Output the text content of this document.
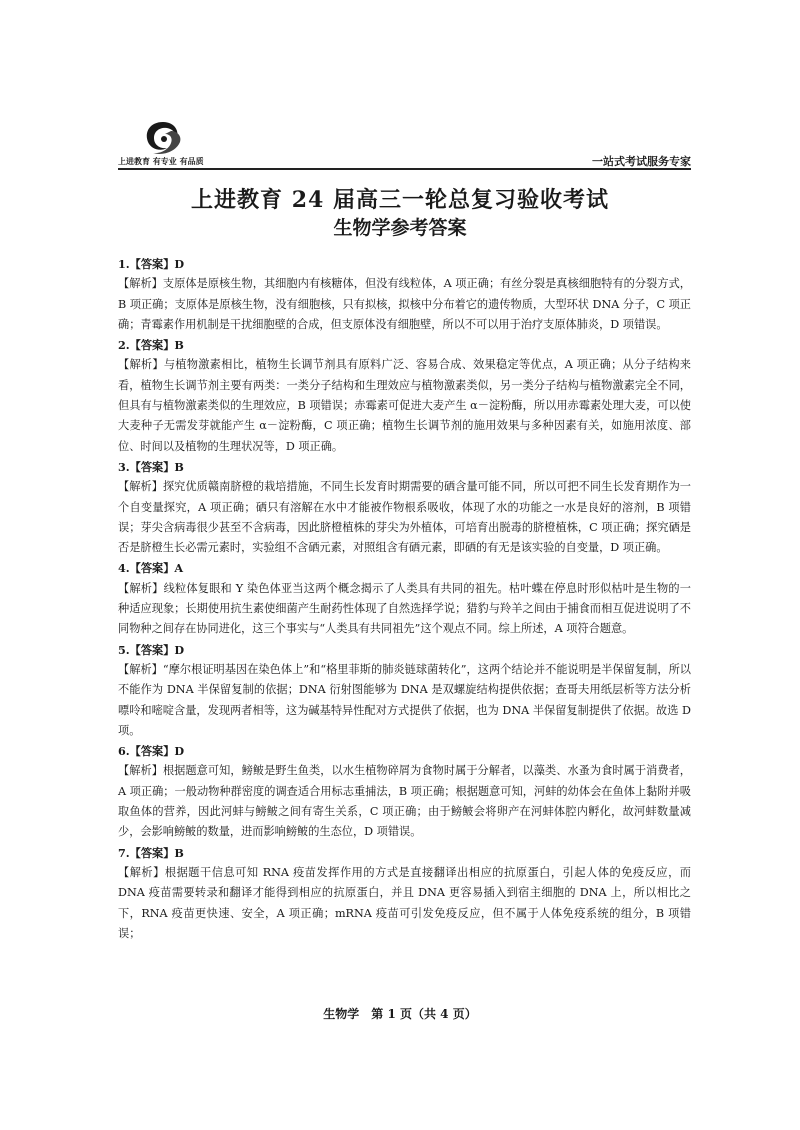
上进教育 有专业 有品质	一站式考试服务专家
上进教育 24 届高三一轮总复习验收考试
生物学参考答案

1.【答案】D

【解析】支原体是原核生物，其细胞内有核糖体，但没有线粒体，A 项正确；有丝分裂是真核细胞特有的分裂方式，B 项正确；支原体是原核生物，没有细胞核，只有拟核，拟核中分布着它的遗传物质，大型环状 DNA 分子，C 项正确；青霉素作用机制是干扰细胞壁的合成，但支原体没有细胞壁，所以不可以用于治疗支原体肺炎，D 项错误。

2.【答案】B

【解析】与植物激素相比，植物生长调节剂具有原料广泛、容易合成、效果稳定等优点，A 项正确；从分子结构来看，植物生长调节剂主要有两类：一类分子结构和生理效应与植物激素类似，另一类分子结构与植物激素完全不同，但具有与植物激素类似的生理效应，B 项错误；赤霉素可促进大麦产生 α－淀粉酶，所以用赤霉素处理大麦，可以使大麦种子无需发芽就能产生 α－淀粉酶，C 项正确；植物生长调节剂的施用效果与多种因素有关，如施用浓度、部位、时间以及植物的生理状况等，D 项正确。

3.【答案】B

【解析】探究优质赣南脐橙的栽培措施，不同生长发育时期需要的硒含量可能不同，所以可把不同生长发育期作为一个自变量探究，A 项正确；硒只有溶解在水中才能被作物根系吸收，体现了水的功能之一水是良好的溶剂，B 项错误；芽尖含病毒很少甚至不含病毒，因此脐橙植株的芽尖为外植体，可培育出脱毒的脐橙植株，C 项正确；探究硒是否是脐橙生长必需元素时，实验组不含硒元素，对照组含有硒元素，即硒的有无是该实验的自变量，D 项正确。

4.【答案】A

【解析】线粒体复眼和 Y 染色体亚当这两个概念揭示了人类具有共同的祖先。枯叶蝶在停息时形似枯叶是生物的一种适应现象；长期使用抗生素使细菌产生耐药性体现了自然选择学说；猎豹与羚羊之间由于捕食而相互促进说明了不同物种之间存在协同进化，这三个事实与“人类具有共同祖先”这个观点不同。综上所述，A 项符合题意。

5.【答案】D

【解析】“摩尔根证明基因在染色体上”和“格里菲斯的肺炎链球菌转化”，这两个结论并不能说明是半保留复制，所以不能作为 DNA 半保留复制的依据；DNA 衍射图能够为 DNA 是双螺旋结构提供依据；查哥夫用纸层析等方法分析嘌呤和嘧啶含量，发现两者相等，这为碱基特异性配对方式提供了依据，也为 DNA 半保留复制提供了依据。故选 D 项。

6.【答案】D

【解析】根据题意可知，鳑鲏是野生鱼类，以水生植物碎屑为食物时属于分解者，以藻类、水蚤为食时属于消费者，A 项正确；一般动物种群密度的调查适合用标志重捕法，B 项正确；根据题意可知，河蚌的幼体会在鱼体上黏附并吸取鱼体的营养，因此河蚌与鳑鲏之间有寄生关系，C 项正确；由于鳑鲏会将卵产在河蚌体腔内孵化，故河蚌数量减少，会影响鳑鲏的数量，进而影响鳑鲏的生态位，D 项错误。

7.【答案】B

【解析】根据题干信息可知 RNA 疫苗发挥作用的方式是直接翻译出相应的抗原蛋白，引起人体的免疫反应，而 DNA 疫苗需要转录和翻译才能得到相应的抗原蛋白，并且 DNA 更容易插入到宿主细胞的 DNA 上，所以相比之下，RNA 疫苗更快速、安全，A 项正确；mRNA 疫苗可引发免疫反应，但不属于人体免疫系统的组分，B 项错误；

生物学　第 1 页（共 4 页）
